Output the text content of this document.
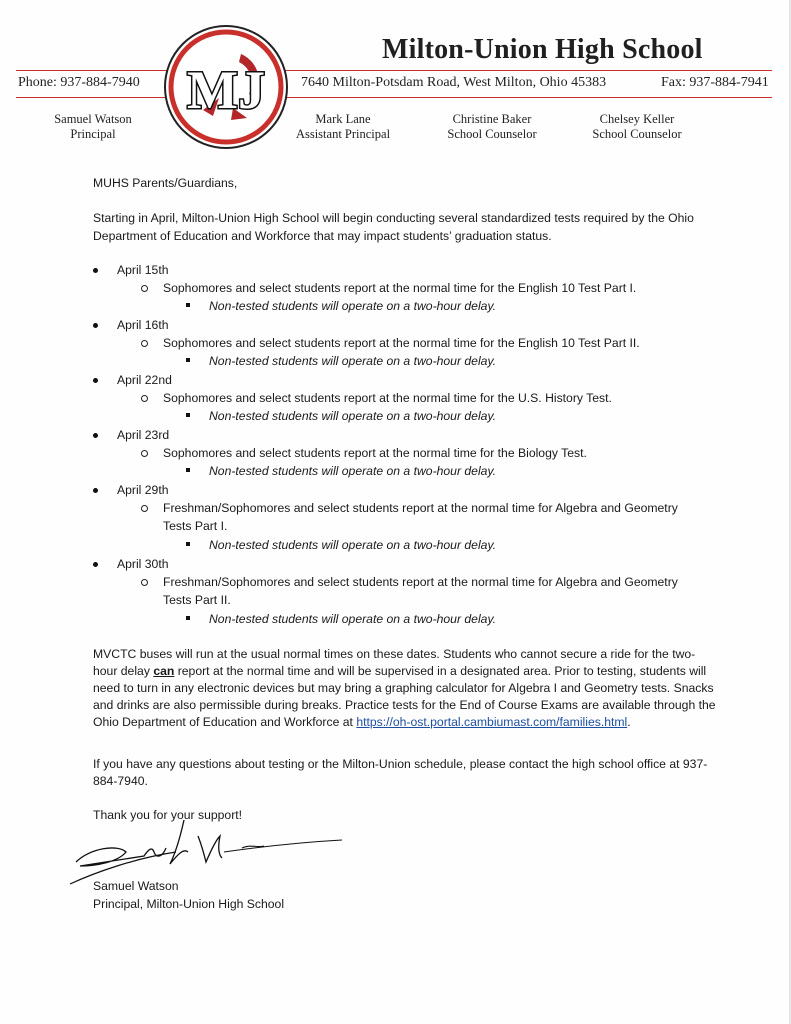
Milton-Union High School
Phone: 937-884-7940	7640 Milton-Potsdam Road, West Milton, Ohio 45383	Fax: 937-884-7941
MJ
Samuel Watson
Principal
Mark Lane
Assistant Principal
Christine Baker
School Counselor
Chelsey Keller
School Counselor
MUHS Parents/Guardians,
Starting in April, Milton-Union High School will begin conducting several standardized tests required by the Ohio
Department of Education and Workforce that may impact students’ graduation status.
April 15th
Sophomores and select students report at the normal time for the English 10 Test Part I.
Non-tested students will operate on a two-hour delay.
April 16th
Sophomores and select students report at the normal time for the English 10 Test Part II.
Non-tested students will operate on a two-hour delay.
April 22nd
Sophomores and select students report at the normal time for the U.S. History Test.
Non-tested students will operate on a two-hour delay.
April 23rd
Sophomores and select students report at the normal time for the Biology Test.
Non-tested students will operate on a two-hour delay.
April 29th
Freshman/Sophomores and select students report at the normal time for Algebra and Geometry
Tests Part I.
Non-tested students will operate on a two-hour delay.
April 30th
Freshman/Sophomores and select students report at the normal time for Algebra and Geometry
Tests Part II.
Non-tested students will operate on a two-hour delay.
MVCTC buses will run at the usual normal times on these dates. Students who cannot secure a ride for the two-
hour delay can report at the normal time and will be supervised in a designated area. Prior to testing, students will
need to turn in any electronic devices but may bring a graphing calculator for Algebra I and Geometry tests. Snacks
and drinks are also permissible during breaks. Practice tests for the End of Course Exams are available through the
Ohio Department of Education and Workforce at https://oh-ost.portal.cambiumast.com/families.html.
If you have any questions about testing or the Milton-Union schedule, please contact the high school office at 937-
884-7940.
Thank you for your support!
Samuel Watson
Principal, Milton-Union High School
